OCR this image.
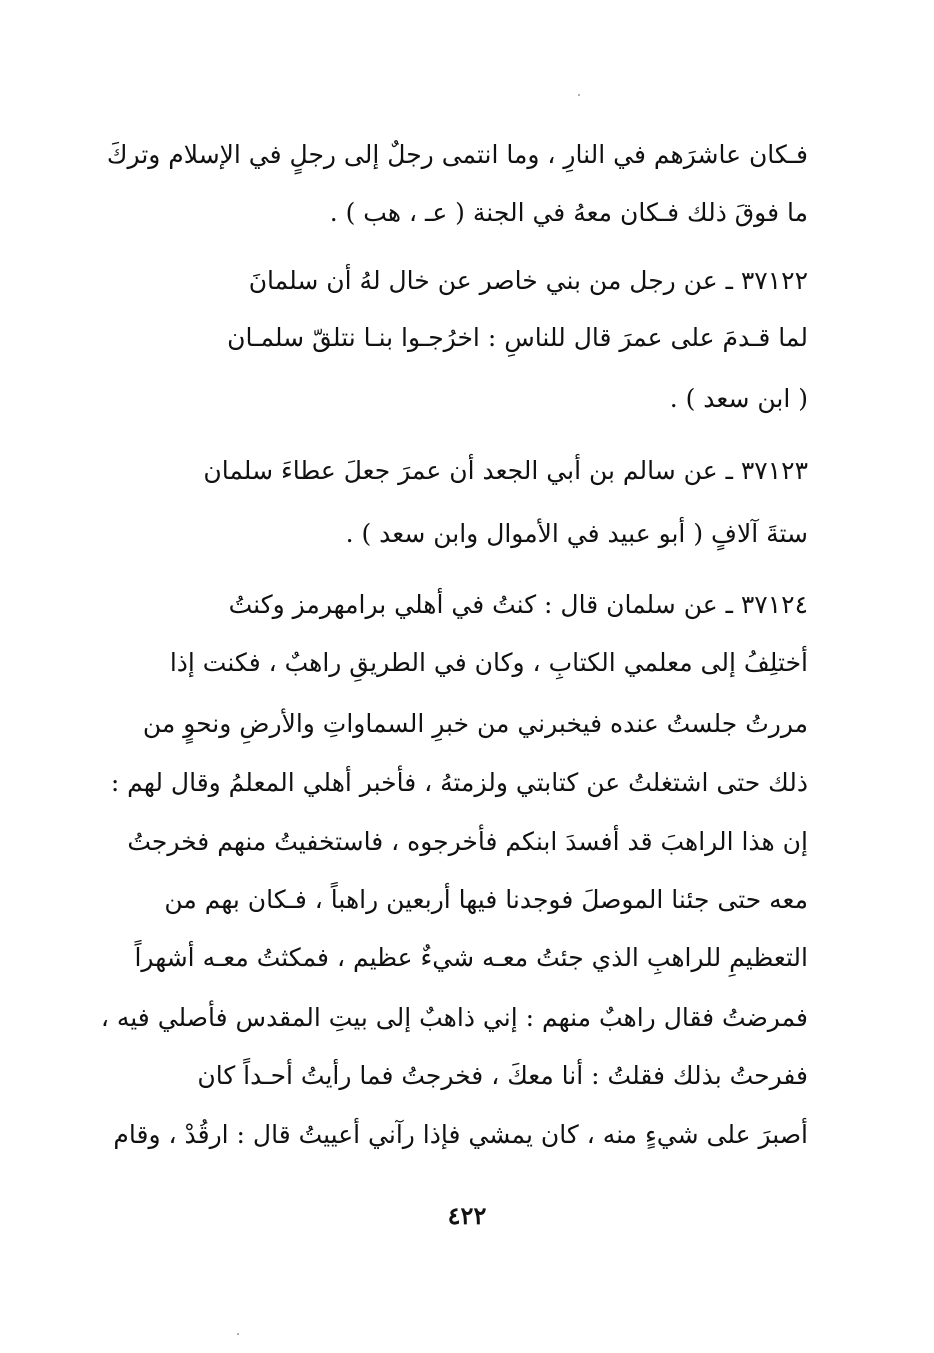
فـكان عاشرَهم في النارِ ، وما انتمى رجلٌ إلى رجلٍ في الإسلام وتركَ
ما فوقَ ذلك فـكان معهُ في الجنة ( عـ ، هب ) .
٣٧١٢٢ ـ عن رجل من بني خاصر عن خال لهُ أن سلمانَ
لما قـدمَ على عمرَ قال للناسِ : اخرُجـوا بنـا نتلقّ سلمـان
( ابن سعد ) .
٣٧١٢٣ ـ عن سالم بن أبي الجعد أن عمرَ جعلَ عطاءَ سلمان
ستةَ آلافٍ ( أبو عبيد في الأموال وابن سعد ) .
٣٧١٢٤ ـ عن سلمان قال : كنتُ في أهلي برامهرمز وكنتُ
أختلِفُ إلى معلمي الكتابِ ، وكان في الطريقِ راهبٌ ، فكنت إذا
مررتُ جلستُ عنده فيخبرني من خبرِ السماواتِ والأرضِ ونحوٍ من
ذلك حتى اشتغلتُ عن كتابتي ولزمتهُ ، فأخبر أهلي المعلمُ وقال لهم :
إن هذا الراهبَ قد أفسدَ ابنكم فأخرجوه ، فاستخفيتُ منهم فخرجتُ
معه حتى جئنا الموصلَ فوجدنا فيها أربعين راهباً ، فـكان بهم من
التعظيمِ للراهبِ الذي جئتُ معـه شيءٌ عظيم ، فمكثتُ معـه أشهراً
فمرضتُ فقال راهبٌ منهم : إني ذاهبٌ إلى بيتِ المقدس فأصلي فيه ،
ففرحتُ بذلك فقلتُ : أنا معكَ ، فخرجتُ فما رأيتُ أحـداً كان
أصبرَ على شيءٍ منه ، كان يمشي فإذا رآني أعييتُ قال : ارقُدْ ، وقام
٤٢٢
